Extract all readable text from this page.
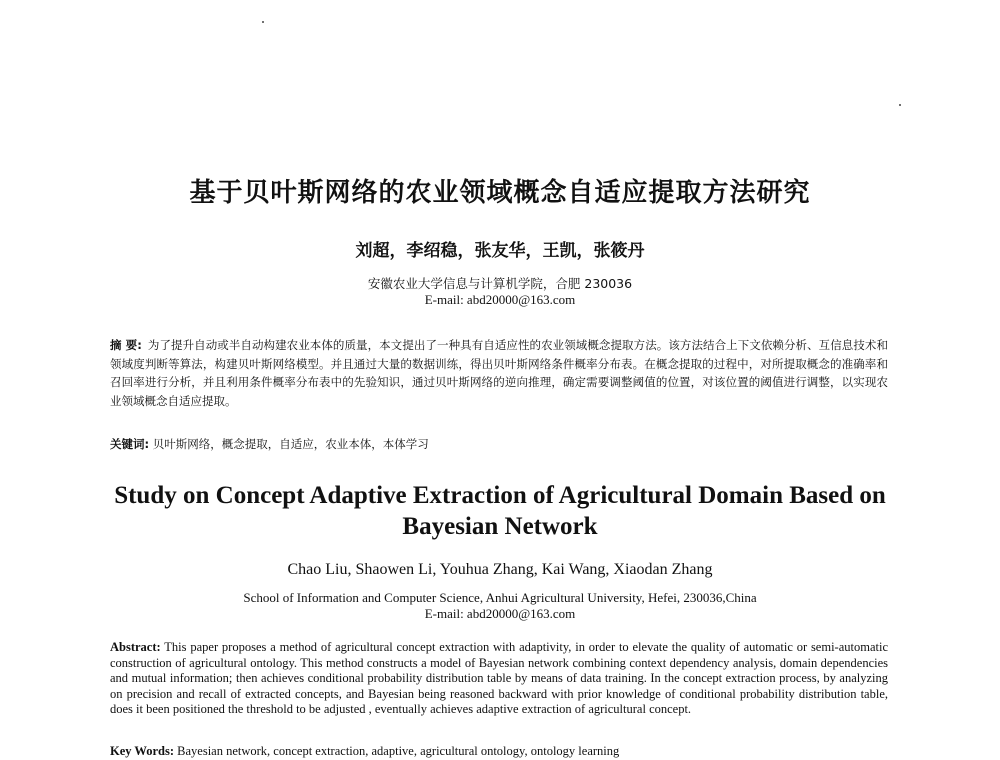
基于贝叶斯网络的农业领域概念自适应提取方法研究
刘超，李绍稳，张友华，王凯，张筱丹
安徽农业大学信息与计算机学院，合肥 230036
E-mail: abd20000@163.com
摘 要: 为了提升自动或半自动构建农业本体的质量，本文提出了一种具有自适应性的农业领域概念提取方法。该方法结合上下文依赖分析、互信息技术和领域度判断等算法，构建贝叶斯网络模型。并且通过大量的数据训练，得出贝叶斯网络条件概率分布表。在概念提取的过程中，对所提取概念的准确率和召回率进行分析，并且利用条件概率分布表中的先验知识，通过贝叶斯网络的逆向推理，确定需要调整阈值的位置，对该位置的阈值进行调整，以实现农业领域概念自适应提取。
关键词: 贝叶斯网络，概念提取，自适应，农业本体，本体学习
Study on Concept Adaptive Extraction of Agricultural Domain Based on Bayesian Network
Chao Liu, Shaowen Li, Youhua Zhang, Kai Wang, Xiaodan Zhang
School of Information and Computer Science, Anhui Agricultural University, Hefei, 230036,China
E-mail: abd20000@163.com
Abstract: This paper proposes a method of agricultural concept extraction with adaptivity, in order to elevate the quality of automatic or semi-automatic construction of agricultural ontology. This method constructs a model of Bayesian network combining context dependency analysis, domain dependencies and mutual information; then achieves conditional probability distribution table by means of data training. In the concept extraction process, by analyzing on precision and recall of extracted concepts, and Bayesian being reasoned backward with prior knowledge of conditional probability distribution table, does it been positioned the threshold to be adjusted , eventually achieves adaptive extraction of agricultural concept.
Key Words: Bayesian network, concept extraction, adaptive, agricultural ontology, ontology learning
